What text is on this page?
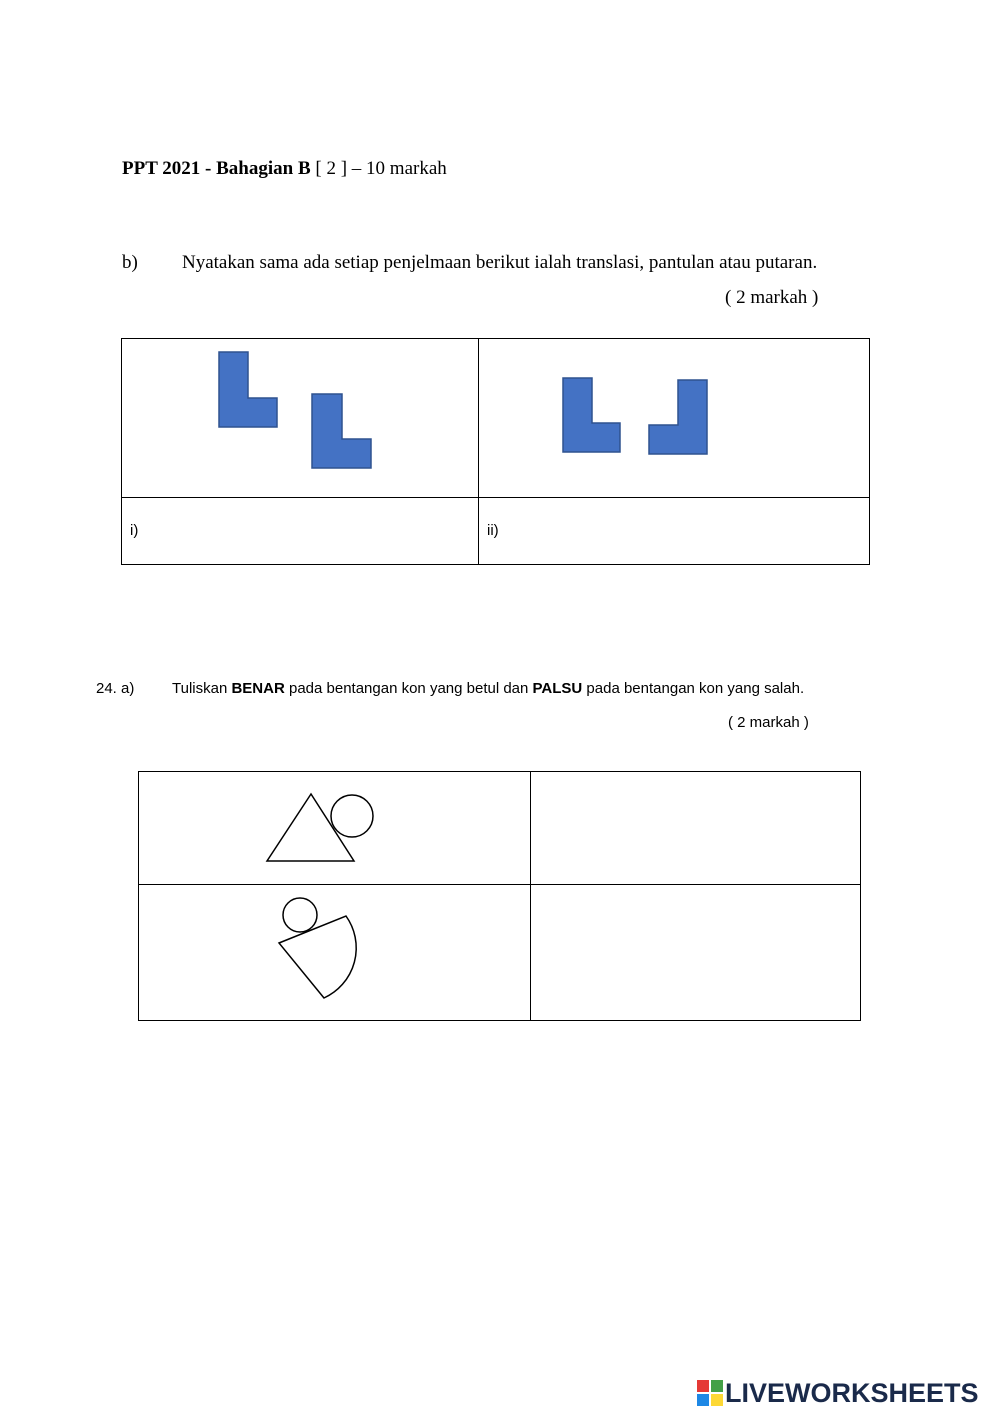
PPT 2021 - Bahagian B [ 2 ] – 10 markah
b) Nyatakan sama ada setiap penjelmaan berikut ialah translasi, pantulan atau putaran.
( 2 markah )

i)	ii)
24. a)	Tuliskan BENAR pada bentangan kon yang betul dan PALSU pada bentangan kon yang salah.
( 2 markah )

LIVEWORKSHEETS
